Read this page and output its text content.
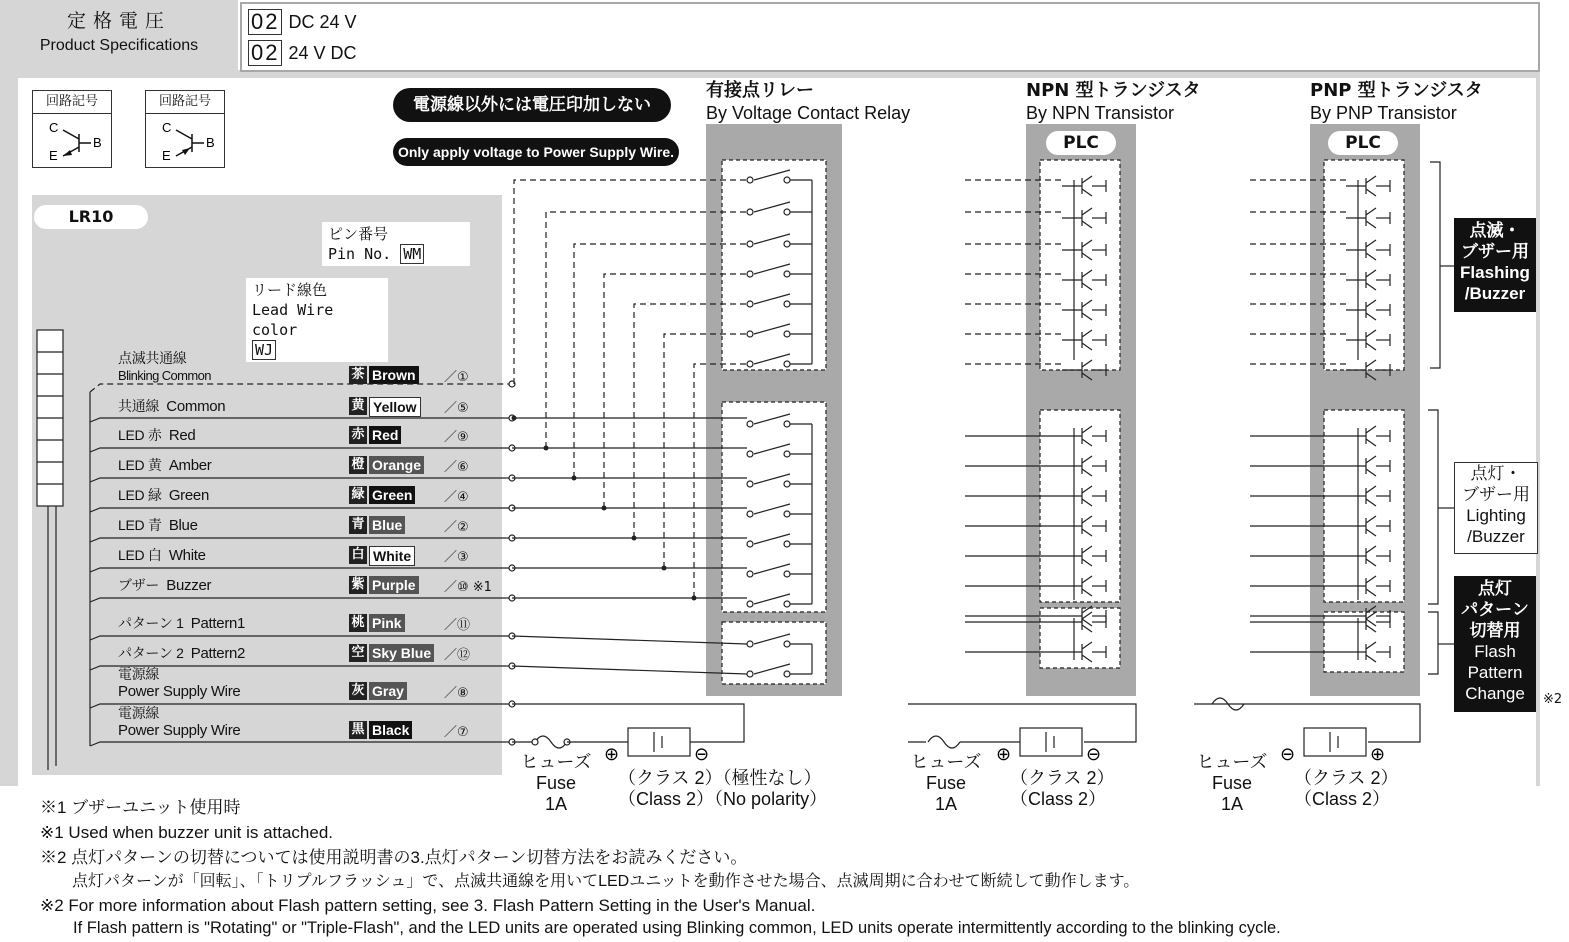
定格電圧
Product Specifications
02 DC 24 V
02 24 V DC
回路記号
C
B
E
回路記号
C
B
E
電源線以外には電圧印加しない
Only apply voltage to Power Supply Wire.
LR10
ピン番号
Pin No. WM
リード線色
Lead Wire color
WJ
点滅共通線
Blinking Common	茶 Brown ／①
共通線 Common	黄 Yellow	／⑤
LED 赤 Red	赤 Red	／⑨
LED 黄 Amber	橙 Orange ／⑥
LED 緑 Green	緑 Green ／④
LED 青 Blue	青 Blue	／②
LED 白 White	白 White	／③
ブザー Buzzer	紫 Purple ／⑩ ※1
パターン 1 Pattern1	桃 Pink	／⑪
パターン 2 Pattern2	空 Sky Blue ／⑫
電源線
Power Supply Wire	灰 Gray	／⑧
電源線
Power Supply Wire	黒 Black	／⑦
有接点リレー
By Voltage Contact Relay
NPN 型トランジスタ
By NPN Transistor
PNP 型トランジスタ
By PNP Transistor
⊕	⊖	⊕	⊖	⊖	⊕
PLC	PLC
点滅・
ブザー用
Flashing
/Buzzer
点灯・
ブザー用
Lighting
/Buzzer
点灯
パターン
切替用
Flash
Pattern
Change	※2
ヒューズ
Fuse
1A
（クラス 2）（極性なし）
（Class 2）（No polarity）
ヒューズ
Fuse
1A
（クラス 2）
（Class 2）
ヒューズ
Fuse
1A
（クラス 2）
（Class 2）
※1 ブザーユニット使用時
※1 Used when buzzer unit is attached.
※2 点灯パターンの切替については使用説明書の3.点灯パターン切替方法をお読みください。
　　点灯パターンが「回転」、「トリプルフラッシュ」で、点滅共通線を用いてLEDユニットを動作させた場合、点滅周期に合わせて断続して動作します。
※2 For more information about Flash pattern setting, see 3. Flash Pattern Setting in the User's Manual.
　　If Flash pattern is "Rotating" or "Triple-Flash", and the LED units are operated using Blinking common, LED units operate intermittently according to the blinking cycle.
